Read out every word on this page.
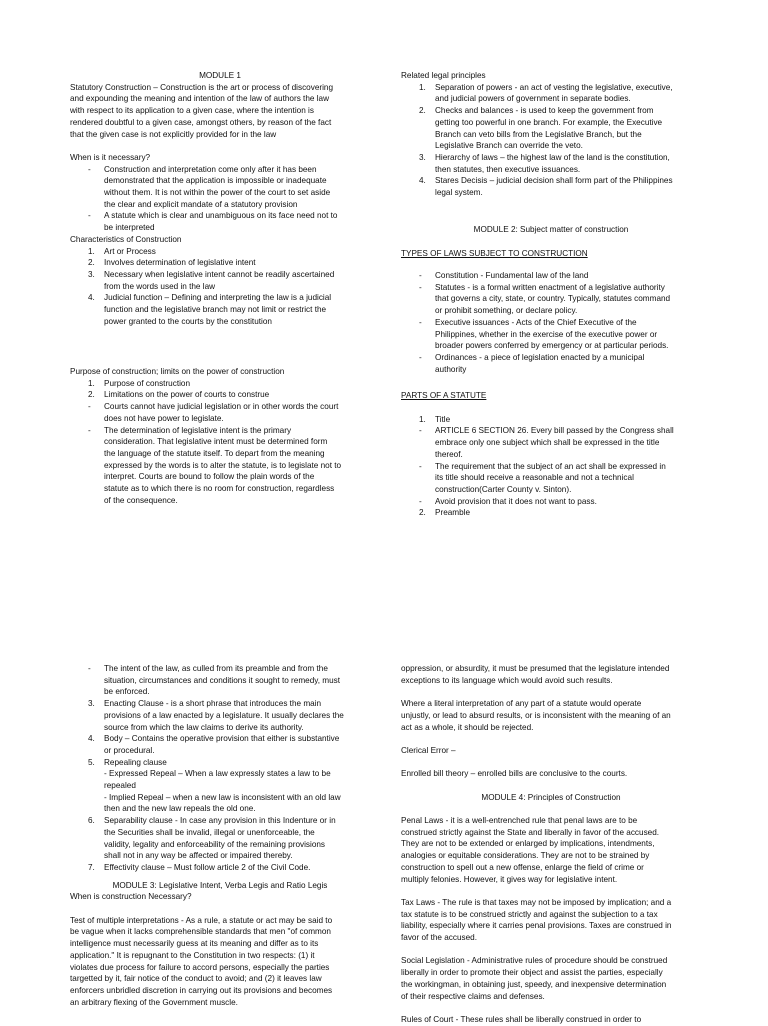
MODULE 1
Statutory Construction – Construction is the art or process of discovering
and expounding the meaning and intention of the law of authors the law
with respect to its application to a given case, where the intention is
rendered doubtful to a given case, amongst others, by reason of the fact
that the given case is not explicitly provided for in the law
When is it necessary?
-	Construction and interpretation come only after it has been
demonstrated that the application is impossible or inadequate
without them. It is not within the power of the court to set aside
the clear and explicit mandate of a statutory provision
-	A statute which is clear and unambiguous on its face need not to
be interpreted
Characteristics of Construction
1.	Art or Process
2.	Involves determination of legislative intent
3.	Necessary when legislative intent cannot be readily ascertained
from the words used in the law
4.	Judicial function – Defining and interpreting the law is a judicial
function and the legislative branch may not limit or restrict the
power granted to the courts by the constitution
Purpose of construction; limits on the power of construction
1.	Purpose of construction
2.	Limitations on the power of courts to construe
-	Courts cannot have judicial legislation or in other words the court
does not have power to legislate.
-	The determination of legislative intent is the primary
consideration. That legislative intent must be determined form
the language of the statute itself. To depart from the meaning
expressed by the words is to alter the statute, is to legislate not to
interpret. Courts are bound to follow the plain words of the
statute as to which there is no room for construction, regardless
of the consequence.
Related legal principles
1.	Separation of powers - an act of vesting the legislative, executive,
and judicial powers of government in separate bodies.
2.	Checks and balances - is used to keep the government from
getting too powerful in one branch. For example, the Executive
Branch can veto bills from the Legislative Branch, but the
Legislative Branch can override the veto.
3.	Hierarchy of laws – the highest law of the land is the constitution,
then statutes, then executive issuances.
4.	Stares Decisis – judicial decision shall form part of the Philippines
legal system.
MODULE 2: Subject matter of construction
TYPES OF LAWS SUBJECT TO CONSTRUCTION
-	Constitution - Fundamental law of the land
-	Statutes - is a formal written enactment of a legislative authority
that governs a city, state, or country. Typically, statutes command
or prohibit something, or declare policy.
-	Executive issuances - Acts of the Chief Executive of the
Philippines, whether in the exercise of the executive power or
broader powers conferred by emergency or at particular periods.
-	Ordinances - a piece of legislation enacted by a municipal
authority
PARTS OF A STATUTE
1.	Title
-	ARTICLE 6 SECTION 26. Every bill passed by the Congress shall
embrace only one subject which shall be expressed in the title
thereof.
-	The requirement that the subject of an act shall be expressed in
its title should receive a reasonable and not a technical
construction(Carter County v. Sinton).
-	Avoid provision that it does not want to pass.
2.	Preamble
-	The intent of the law, as culled from its preamble and from the
situation, circumstances and conditions it sought to remedy, must
be enforced.
3.	Enacting Clause - is a short phrase that introduces the main
provisions of a law enacted by a legislature. It usually declares the
source from which the law claims to derive its authority.
4.	Body – Contains the operative provision that either is substantive
or procedural.
5.	Repealing clause
- Expressed Repeal – When a law expressly states a law to be
repealed
- Implied Repeal – when a new law is inconsistent with an old law
then and the new law repeals the old one.
6.	Separability clause - In case any provision in this Indenture or in
the Securities shall be invalid, illegal or unenforceable, the
validity, legality and enforceability of the remaining provisions
shall not in any way be affected or impaired thereby.
7.	Effectivity clause – Must follow article 2 of the Civil Code.
MODULE 3: Legislative Intent, Verba Legis and Ratio Legis
When is construction Necessary?
Test of multiple interpretations - As a rule, a statute or act may be said to
be vague when it lacks comprehensible standards that men "of common
intelligence must necessarily guess at its meaning and differ as to its
application." It is repugnant to the Constitution in two respects: (1) it
violates due process for failure to accord persons, especially the parties
targetted by it, fair notice of the conduct to avoid; and (2) it leaves law
enforcers unbridled discretion in carrying out its provisions and becomes
an arbitrary flexing of the Government muscle.
oppression, or absurdity, it must be presumed that the legislature intended
exceptions to its language which would avoid such results.
Where a literal interpretation of any part of a statute would operate
unjustly, or lead to absurd results, or is inconsistent with the meaning of an
act as a whole, it should be rejected.
Clerical Error –
Enrolled bill theory – enrolled bills are conclusive to the courts.
MODULE 4: Principles of Construction
Penal Laws - it is a well-entrenched rule that penal laws are to be
construed strictly against the State and liberally in favor of the accused.
They are not to be extended or enlarged by implications, intendments,
analogies or equitable considerations. They are not to be strained by
construction to spell out a new offense, enlarge the field of crime or
multiply felonies. However, it gives way for legislative intent.
Tax Laws - The rule is that taxes may not be imposed by implication; and a
tax statute is to be construed strictly and against the subjection to a tax
liability, especially where it carries penal provisions. Taxes are construed in
favor of the accused.
Social Legislation - Administrative rules of procedure should be construed
liberally in order to promote their object and assist the parties, especially
the workingman, in obtaining just, speedy, and inexpensive determination
of their respective claims and defenses.
Rules of Court - These rules shall be liberally construed in order to
